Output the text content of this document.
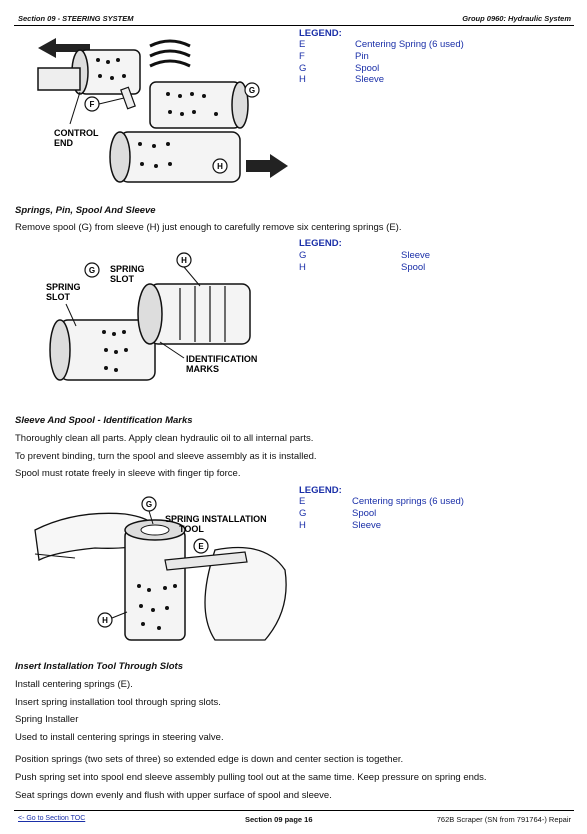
Section 09 - STEERING SYSTEM	Group 0960: Hydraulic System
F
G
H
CONTROL
END
LEGEND:
E	Centering Spring (6 used)
F	Pin
G	Spool
H	Sleeve
Springs, Pin, Spool And Sleeve
Remove spool (G) from sleeve (H) just enough to carefully remove six centering springs (E).
G
H
SPRING
SLOT
SPRING
SLOT
IDENTIFICATION
MARKS
LEGEND:
G	Sleeve
H	Spool
Sleeve And Spool - Identification Marks
Thoroughly clean all parts. Apply clean hydraulic oil to all internal parts.
To prevent binding, turn the spool and sleeve assembly as it is installed.
Spool must rotate freely in sleeve with finger tip force.
G
E
H
SPRING INSTALLATION
TOOL
LEGEND:
E	Centering springs (6 used)
G	Spool
H	Sleeve
Insert Installation Tool Through Slots
Install centering springs (E).
Insert spring installation tool through spring slots.
Spring Installer
Used to install centering springs in steering valve.
Position springs (two sets of three) so extended edge is down and center section is together.
Push spring set into spool end sleeve assembly pulling tool out at the same time. Keep pressure on spring ends.
Seat springs down evenly and flush with upper surface of spool and sleeve.
<- Go to Section TOC	Section 09 page 16	762B Scraper (SN from 791764-) Repair
